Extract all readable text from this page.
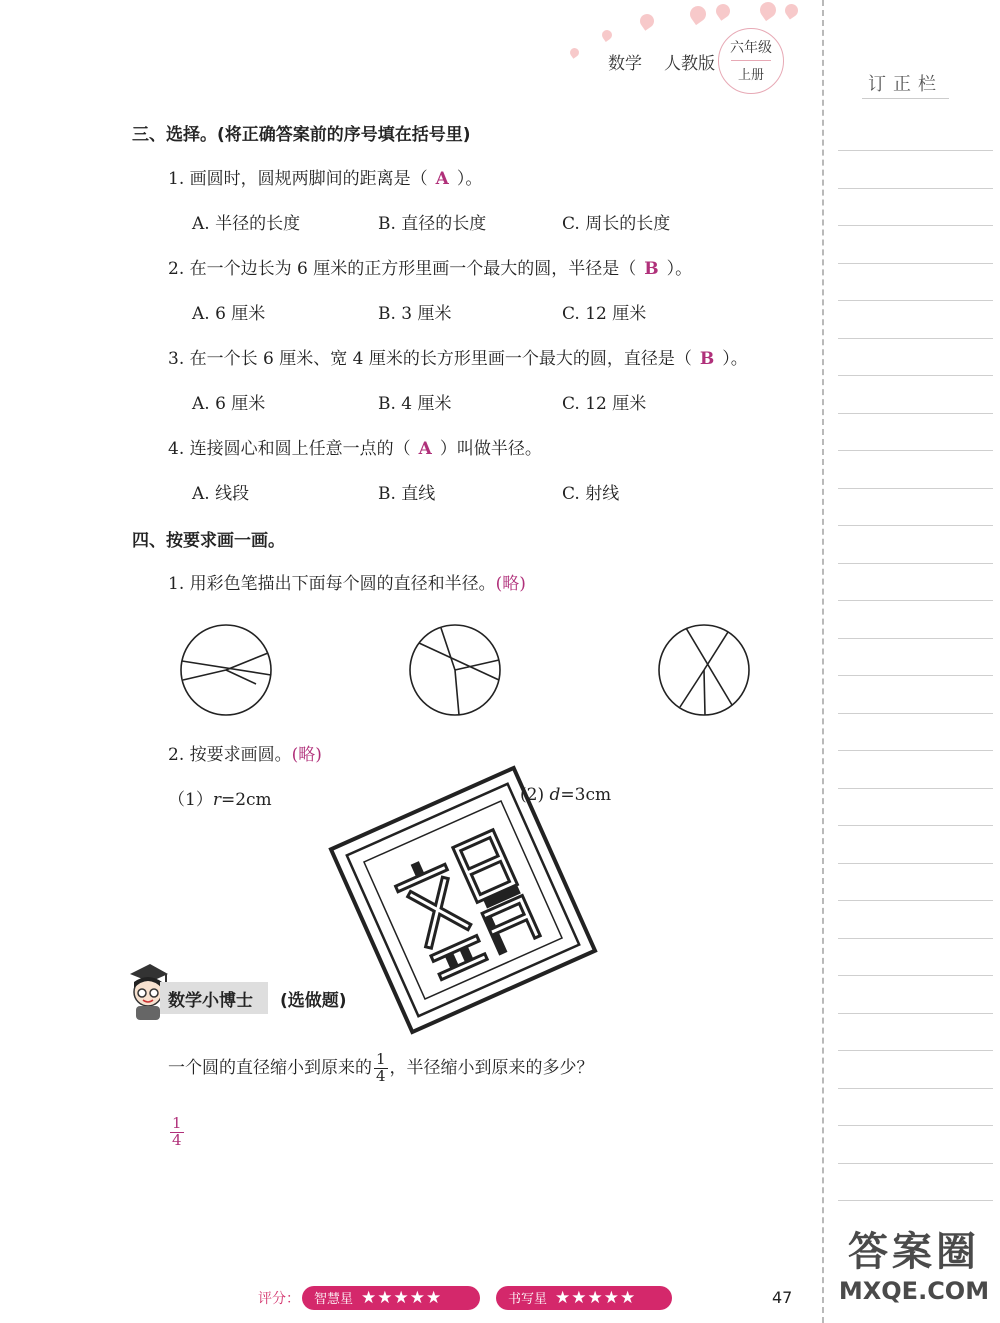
数学 人教版
六年级
上册	订正栏
三、选择。(将正确答案前的序号填在括号里)
1. 画圆时，圆规两脚间的距离是（ A ）。
A. 半径的长度	B. 直径的长度	C. 周长的长度
2. 在一个边长为 6 厘米的正方形里画一个最大的圆，半径是（ B ）。
A. 6 厘米	B. 3 厘米	C. 12 厘米
3. 在一个长 6 厘米、宽 4 厘米的长方形里画一个最大的圆，直径是（ B ）。
A. 6 厘米	B. 4 厘米	C. 12 厘米
4. 连接圆心和圆上任意一点的（ A ）叫做半径。
A. 线段	B. 直线	C. 射线
四、按要求画一画。
1. 用彩色笔描出下面每个圆的直径和半径。(略)
2. 按要求画圆。(略)
（1）r=2cm	(2) d=3cm
数学小博士 (选做题)
一个圆的直径缩小到原来的 $\frac{1}{4}$ ，半径缩小到原来的多少？
$\frac{1}{4}$
评分：	智慧星 ★★★★★	书写星 ★★★★★	47
答案圈
MXQE.COM
